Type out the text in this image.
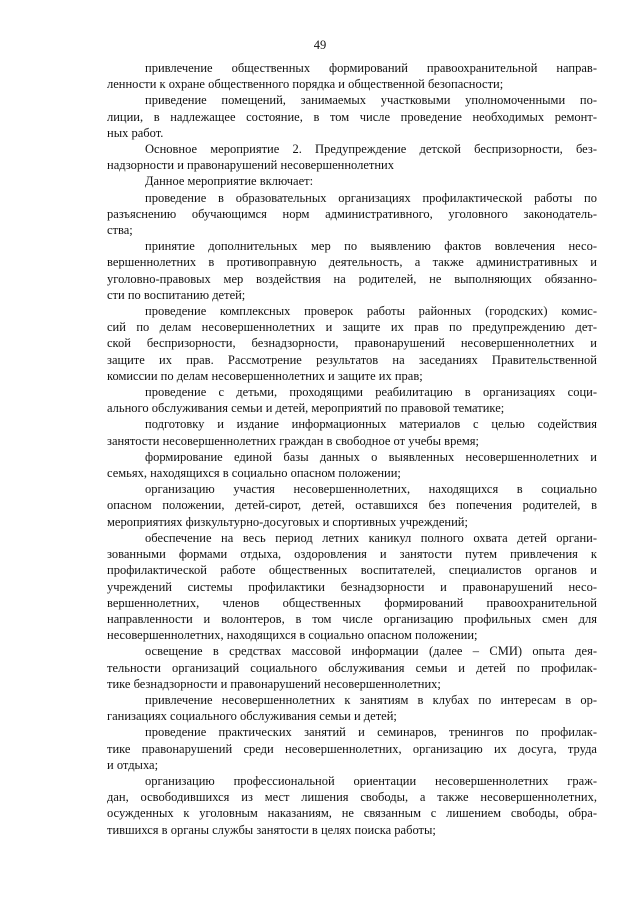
49
привлечение общественных формирований правоохранительной направ-
ленности к охране общественного порядка и общественной безопасности;
приведение помещений, занимаемых участковыми уполномоченными по-
лиции, в надлежащее состояние, в том числе проведение необходимых ремонт-
ных работ.
Основное мероприятие 2. Предупреждение детской беспризорности, без-
надзорности и правонарушений несовершеннолетних
Данное мероприятие включает:
проведение в образовательных организациях профилактической работы по
разъяснению обучающимся норм административного, уголовного законодатель-
ства;
принятие дополнительных мер по выявлению фактов вовлечения несо-
вершеннолетних в противоправную деятельность, а также административных и
уголовно-правовых мер воздействия на родителей, не выполняющих обязанно-
сти по воспитанию детей;
проведение комплексных проверок работы районных (городских) комис-
сий по делам несовершеннолетних и защите их прав по предупреждению дет-
ской беспризорности, безнадзорности, правонарушений несовершеннолетних и
защите их прав. Рассмотрение результатов на заседаниях Правительственной
комиссии по делам несовершеннолетних и защите их прав;
проведение с детьми, проходящими реабилитацию в организациях соци-
ального обслуживания семьи и детей, мероприятий по правовой тематике;
подготовку и издание информационных материалов с целью содействия
занятости несовершеннолетних граждан в свободное от учебы время;
формирование единой базы данных о выявленных несовершеннолетних и
семьях, находящихся в социально опасном положении;
организацию участия несовершеннолетних, находящихся в социально
опасном положении, детей-сирот, детей, оставшихся без попечения родителей, в
мероприятиях физкультурно-досуговых и спортивных учреждений;
обеспечение на весь период летних каникул полного охвата детей органи-
зованными формами отдыха, оздоровления и занятости путем привлечения к
профилактической работе общественных воспитателей, специалистов органов и
учреждений системы профилактики безнадзорности и правонарушений несо-
вершеннолетних, членов общественных формирований правоохранительной
направленности и волонтеров, в том числе организацию профильных смен для
несовершеннолетних, находящихся в социально опасном положении;
освещение в средствах массовой информации (далее – СМИ) опыта дея-
тельности организаций социального обслуживания семьи и детей по профилак-
тике безнадзорности и правонарушений несовершеннолетних;
привлечение несовершеннолетних к занятиям в клубах по интересам в ор-
ганизациях социального обслуживания семьи и детей;
проведение практических занятий и семинаров, тренингов по профилак-
тике правонарушений среди несовершеннолетних, организацию их досуга, труда
и отдыха;
организацию профессиональной ориентации несовершеннолетних граж-
дан, освободившихся из мест лишения свободы, а также несовершеннолетних,
осужденных к уголовным наказаниям, не связанным с лишением свободы, обра-
тившихся в органы службы занятости в целях поиска работы;
